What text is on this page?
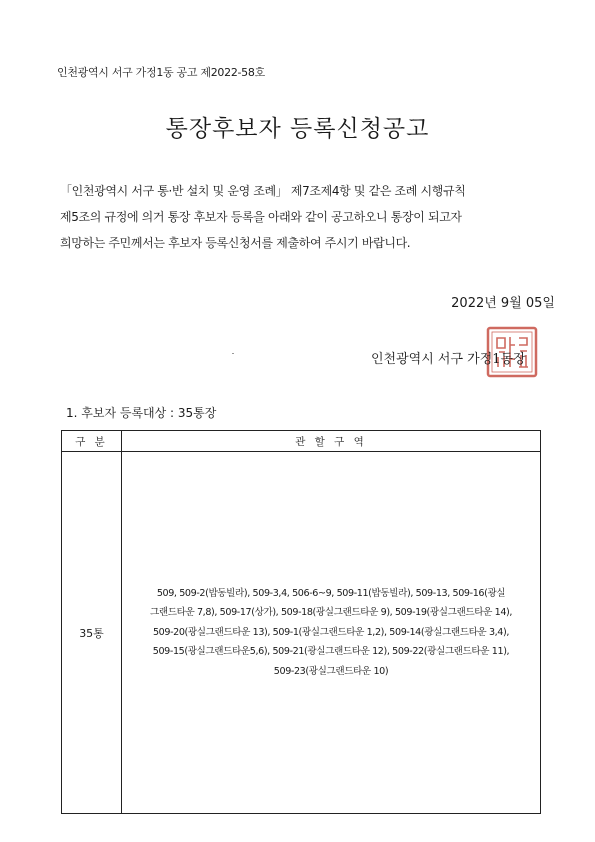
인천광역시 서구 가정1동 공고 제2022-58호
통장후보자 등록신청공고
「인천광역시 서구 통·반 설치 및 운영 조례」 제7조제4항 및 같은 조례 시행규칙
제5조의 규정에 의거 통장 후보자 등록을 아래와 같이 공고하오니 통장이 되고자
희망하는 주민께서는 후보자 등록신청서를 제출하여 주시기 바랍니다.
2022년 9월 05일
인천광역시 서구 가정1동장
1. 후보자 등록대상 : 35통장
구 분	관 할 구 역
35통	509, 509-2(밥동빌라), 509-3,4, 506-6~9, 509-11(밥동빌라), 509-13, 509-16(광실
그랜드타운 7,8), 509-17(상가), 509-18(광실그랜드타운 9), 509-19(광실그랜드타운 14),
509-20(광실그랜드타운 13), 509-1(광실그랜드타운 1,2), 509-14(광실그랜드타운 3,4),
509-15(광실그랜드타운5,6), 509-21(광실그랜드타운 12), 509-22(광실그랜드타운 11),
509-23(광실그랜드타운 10)
